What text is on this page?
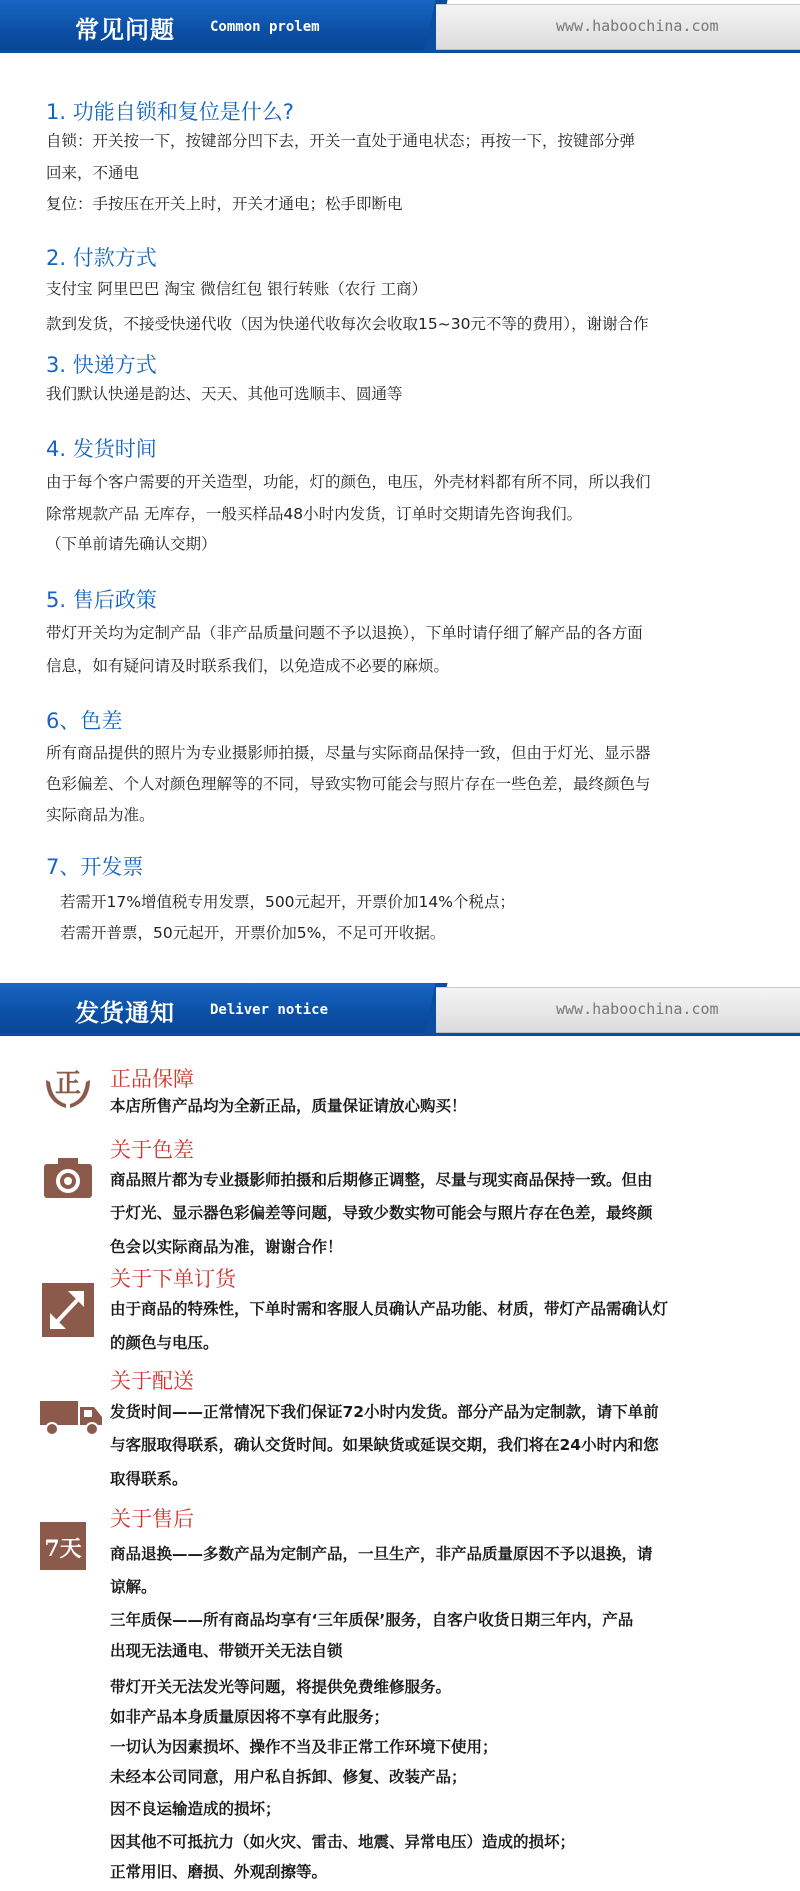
常见问题	Common prolem	www.haboochina.com
1. 功能自锁和复位是什么?
自锁：开关按一下，按键部分凹下去，开关一直处于通电状态；再按一下，按键部分弹
回来，不通电
复位：手按压在开关上时，开关才通电；松手即断电
2. 付款方式
支付宝 阿里巴巴 淘宝 微信红包 银行转账（农行 工商）
款到发货，不接受快递代收（因为快递代收每次会收取15~30元不等的费用），谢谢合作
3. 快递方式
我们默认快递是韵达、天天、其他可选顺丰、圆通等
4. 发货时间
由于每个客户需要的开关造型，功能，灯的颜色，电压，外壳材料都有所不同，所以我们
除常规款产品 无库存，一般买样品48小时内发货，订单时交期请先咨询我们。
（下单前请先确认交期）
5. 售后政策
带灯开关均为定制产品（非产品质量问题不予以退换），下单时请仔细了解产品的各方面
信息，如有疑问请及时联系我们，以免造成不必要的麻烦。
6、色差
所有商品提供的照片为专业摄影师拍摄，尽量与实际商品保持一致，但由于灯光、显示器
色彩偏差、个人对颜色理解等的不同，导致实物可能会与照片存在一些色差，最终颜色与
实际商品为准。
7、开发票
若需开17%增值税专用发票，500元起开，开票价加14%个税点；
若需开普票，50元起开，开票价加5%，不足可开收据。
发货通知	Deliver notice	www.haboochina.com
正 正品保障
本店所售产品均为全新正品，质量保证请放心购买！
关于色差
商品照片都为专业摄影师拍摄和后期修正调整，尽量与现实商品保持一致。但由
于灯光、显示器色彩偏差等问题，导致少数实物可能会与照片存在色差，最终颜
色会以实际商品为准，谢谢合作！
关于下单订货
由于商品的特殊性，下单时需和客服人员确认产品功能、材质，带灯产品需确认灯
的颜色与电压。
关于配送
发货时间——正常情况下我们保证72小时内发货。部分产品为定制款，请下单前
与客服取得联系，确认交货时间。如果缺货或延误交期，我们将在24小时内和您
取得联系。
7天
关于售后
商品退换——多数产品为定制产品，一旦生产，非产品质量原因不予以退换，请
谅解。
三年质保——所有商品均享有‘三年质保’服务，自客户收货日期三年内，产品
出现无法通电、带锁开关无法自锁
带灯开关无法发光等问题，将提供免费维修服务。
如非产品本身质量原因将不享有此服务；
一切认为因素损坏、操作不当及非正常工作环境下使用；
未经本公司同意，用户私自拆卸、修复、改装产品；
因不良运输造成的损坏；
因其他不可抵抗力（如火灾、雷击、地震、异常电压）造成的损坏；
正常用旧、磨损、外观刮擦等。
